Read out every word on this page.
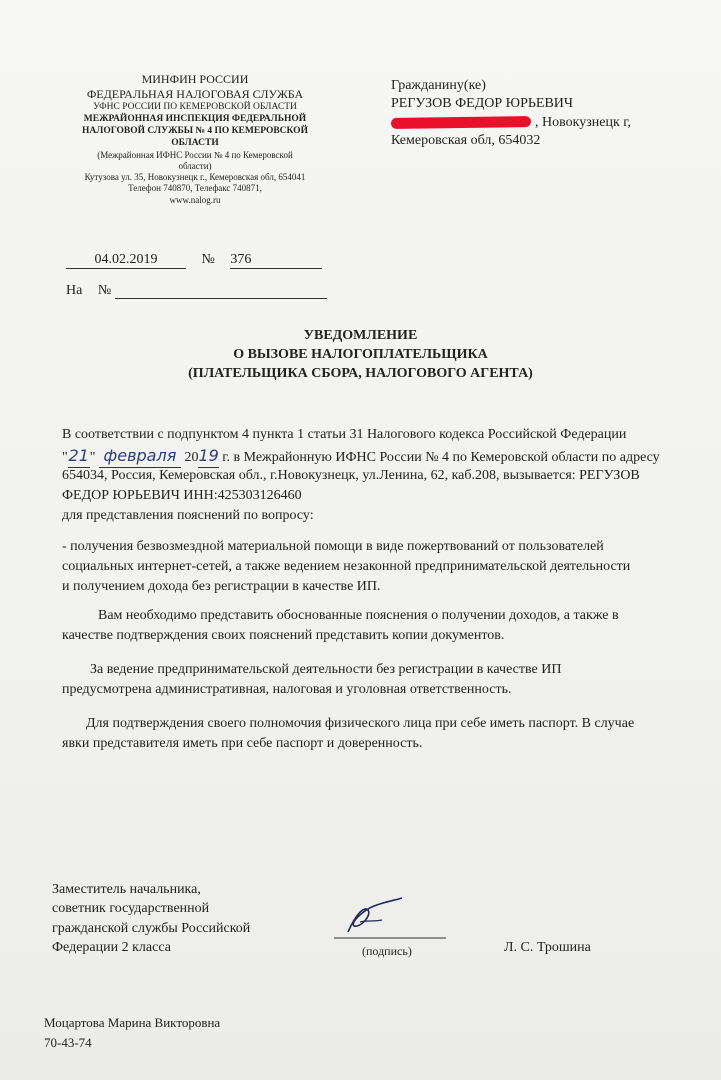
МИНФИН РОССИИ
ФЕДЕРАЛЬНАЯ НАЛОГОВАЯ СЛУЖБА
УФНС РОССИИ ПО КЕМЕРОВСКОЙ ОБЛАСТИ
МЕЖРАЙОННАЯ ИНСПЕКЦИЯ ФЕДЕРАЛЬНОЙ
НАЛОГОВОЙ СЛУЖБЫ № 4 ПО КЕМЕРОВСКОЙ
ОБЛАСТИ
(Межрайонная ИФНС России № 4 по Кемеровской
области)
Кутузова ул. 35, Новокузнецк г., Кемеровская обл, 654041
Телефон 740870, Телефакс 740871,
www.nalog.ru
Гражданину(ке)
РЕГУЗОВ ФЕДОР ЮРЬЕВИЧ
, Новокузнецк г,
Кемеровская обл, 654032
04.02.2019	№ 376
На №
УВЕДОМЛЕНИЕ
О ВЫЗОВЕ НАЛОГОПЛАТЕЛЬЩИКА
(ПЛАТЕЛЬЩИКА СБОРА, НАЛОГОВОГО АГЕНТА)
В соответствии с подпунктом 4 пункта 1 статьи 31 Налогового кодекса Российской Федерации
"21" февраля 2019 г. в Межрайонную ИФНС России № 4 по Кемеровской области по адресу
654034, Россия, Кемеровская обл., г.Новокузнецк, ул.Ленина, 62, каб.208, вызывается: РЕГУЗОВ
ФЕДОР ЮРЬЕВИЧ ИНН:425303126460
для представления пояснений по вопросу:
- получения безвозмездной материальной помощи в виде пожертвований от пользователей
социальных интернет-сетей, а также ведением незаконной предпринимательской деятельности
и получением дохода без регистрации в качестве ИП.
Вам необходимо представить обоснованные пояснения о получении доходов, а также в
качестве подтверждения своих пояснений представить копии документов.
За ведение предпринимательской деятельности без регистрации в качестве ИП
предусмотрена административная, налоговая и уголовная ответственность.
Для подтверждения своего полномочия физического лица при себе иметь паспорт. В случае
явки представителя иметь при себе паспорт и доверенность.
Заместитель начальника,
советник государственной
гражданской службы Российской
Федерации 2 класса	(подпись)	Л. С. Трошина
Моцартова Марина Викторовна
70-43-74
